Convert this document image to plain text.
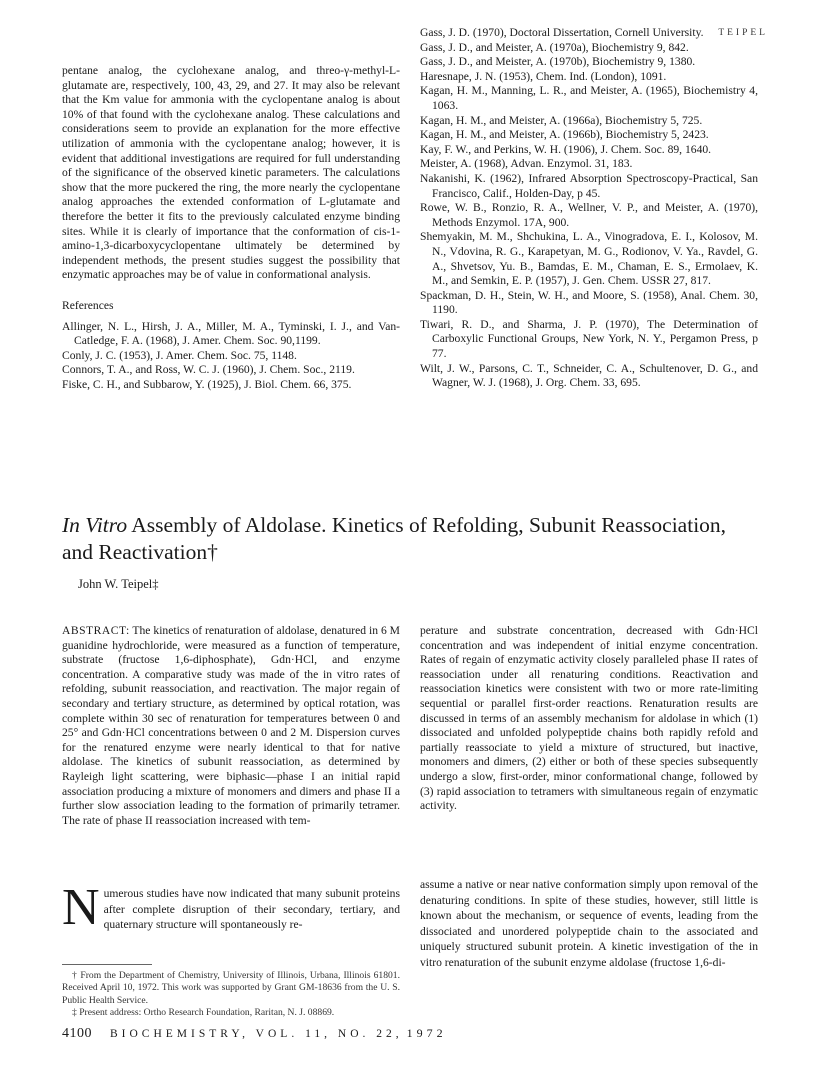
TEIPEL

pentane analog, the cyclohexane analog, and threo-γ-methyl-L-glutamate are, respectively, 100, 43, 29, and 27. It may also be relevant that the Km value for ammonia with the cyclopentane analog is about 10% of that found with the cyclohexane analog. These calculations and considerations seem to provide an explanation for the more effective utilization of ammonia with the cyclopentane analog; however, it is evident that additional investigations are required for full understanding of the significance of the observed kinetic parameters. The calculations show that the more puckered the ring, the more nearly the cyclopentane analog approaches the extended conformation of L-glutamate and therefore the better it fits to the previously calculated enzyme binding sites. While it is clearly of importance that the conformation of cis-1-amino-1,3-dicarboxycyclopentane ultimately be determined by independent methods, the present studies suggest the possibility that enzymatic approaches may be of value in conformational analysis.

References

Allinger, N. L., Hirsh, J. A., Miller, M. A., Tyminski, I. J., and Van-Catledge, F. A. (1968), J. Amer. Chem. Soc. 90,1199.

Conly, J. C. (1953), J. Amer. Chem. Soc. 75, 1148.

Connors, T. A., and Ross, W. C. J. (1960), J. Chem. Soc., 2119.

Fiske, C. H., and Subbarow, Y. (1925), J. Biol. Chem. 66, 375.

Gass, J. D. (1970), Doctoral Dissertation, Cornell University.

Gass, J. D., and Meister, A. (1970a), Biochemistry 9, 842.

Gass, J. D., and Meister, A. (1970b), Biochemistry 9, 1380.

Haresnape, J. N. (1953), Chem. Ind. (London), 1091.

Kagan, H. M., Manning, L. R., and Meister, A. (1965), Biochemistry 4, 1063.

Kagan, H. M., and Meister, A. (1966a), Biochemistry 5, 725.

Kagan, H. M., and Meister, A. (1966b), Biochemistry 5, 2423.

Kay, F. W., and Perkins, W. H. (1906), J. Chem. Soc. 89, 1640.

Meister, A. (1968), Advan. Enzymol. 31, 183.

Nakanishi, K. (1962), Infrared Absorption Spectroscopy-Practical, San Francisco, Calif., Holden-Day, p 45.

Rowe, W. B., Ronzio, R. A., Wellner, V. P., and Meister, A. (1970), Methods Enzymol. 17A, 900.

Shemyakin, M. M., Shchukina, L. A., Vinogradova, E. I., Kolosov, M. N., Vdovina, R. G., Karapetyan, M. G., Rodionov, V. Ya., Ravdel, G. A., Shvetsov, Yu. B., Bamdas, E. M., Chaman, E. S., Ermolaev, K. M., and Semkin, E. P. (1957), J. Gen. Chem. USSR 27, 817.

Spackman, D. H., Stein, W. H., and Moore, S. (1958), Anal. Chem. 30, 1190.

Tiwari, R. D., and Sharma, J. P. (1970), The Determination of Carboxylic Functional Groups, New York, N. Y., Pergamon Press, p 77.

Wilt, J. W., Parsons, C. T., Schneider, C. A., Schultenover, D. G., and Wagner, W. J. (1968), J. Org. Chem. 33, 695.

In Vitro Assembly of Aldolase. Kinetics of Refolding, Subunit Reassociation, and Reactivation†
John W. Teipel‡

ABSTRACT: The kinetics of renaturation of aldolase, denatured in 6 M guanidine hydrochloride, were measured as a function of temperature, substrate (fructose 1,6-diphosphate), Gdn·HCl, and enzyme concentration. A comparative study was made of the in vitro rates of refolding, subunit reassociation, and reactivation. The major regain of secondary and tertiary structure, as determined by optical rotation, was complete within 30 sec of renaturation for temperatures between 0 and 25° and Gdn·HCl concentrations between 0 and 2 M. Dispersion curves for the renatured enzyme were nearly identical to that for native aldolase. The kinetics of subunit reassociation, as determined by Rayleigh light scattering, were biphasic—phase I an initial rapid association producing a mixture of monomers and dimers and phase II a further slow association leading to the formation of primarily tetramer. The rate of phase II reassociation increased with tem-

perature and substrate concentration, decreased with Gdn·HCl concentration and was independent of initial enzyme concentration. Rates of regain of enzymatic activity closely paralleled phase II rates of reassociation under all renaturing conditions. Reactivation and reassociation kinetics were consistent with two or more rate-limiting sequential or parallel first-order reactions. Renaturation results are discussed in terms of an assembly mechanism for aldolase in which (1) dissociated and unfolded polypeptide chains both rapidly refold and partially reassociate to yield a mixture of structured, but inactive, monomers and dimers, (2) either or both of these species subsequently undergo a slow, first-order, minor conformational change, followed by (3) rapid association to tetramers with simultaneous regain of enzymatic activity.

Numerous studies have now indicated that many subunit proteins after complete disruption of their secondary, tertiary, and quaternary structure will spontaneously re-

assume a native or near native conformation simply upon removal of the denaturing conditions. In spite of these studies, however, still little is known about the mechanism, or sequence of events, leading from the dissociated and unordered polypeptide chain to the associated and uniquely structured subunit protein. A kinetic investigation of the in vitro renaturation of the subunit enzyme aldolase (fructose 1,6-di-

† From the Department of Chemistry, University of Illinois, Urbana, Illinois 61801. Received April 10, 1972. This work was supported by Grant GM-18636 from the U. S. Public Health Service.

‡ Present address: Ortho Research Foundation, Raritan, N. J. 08869.

4100 BIOCHEMISTRY, VOL. 11, NO. 22, 1972
